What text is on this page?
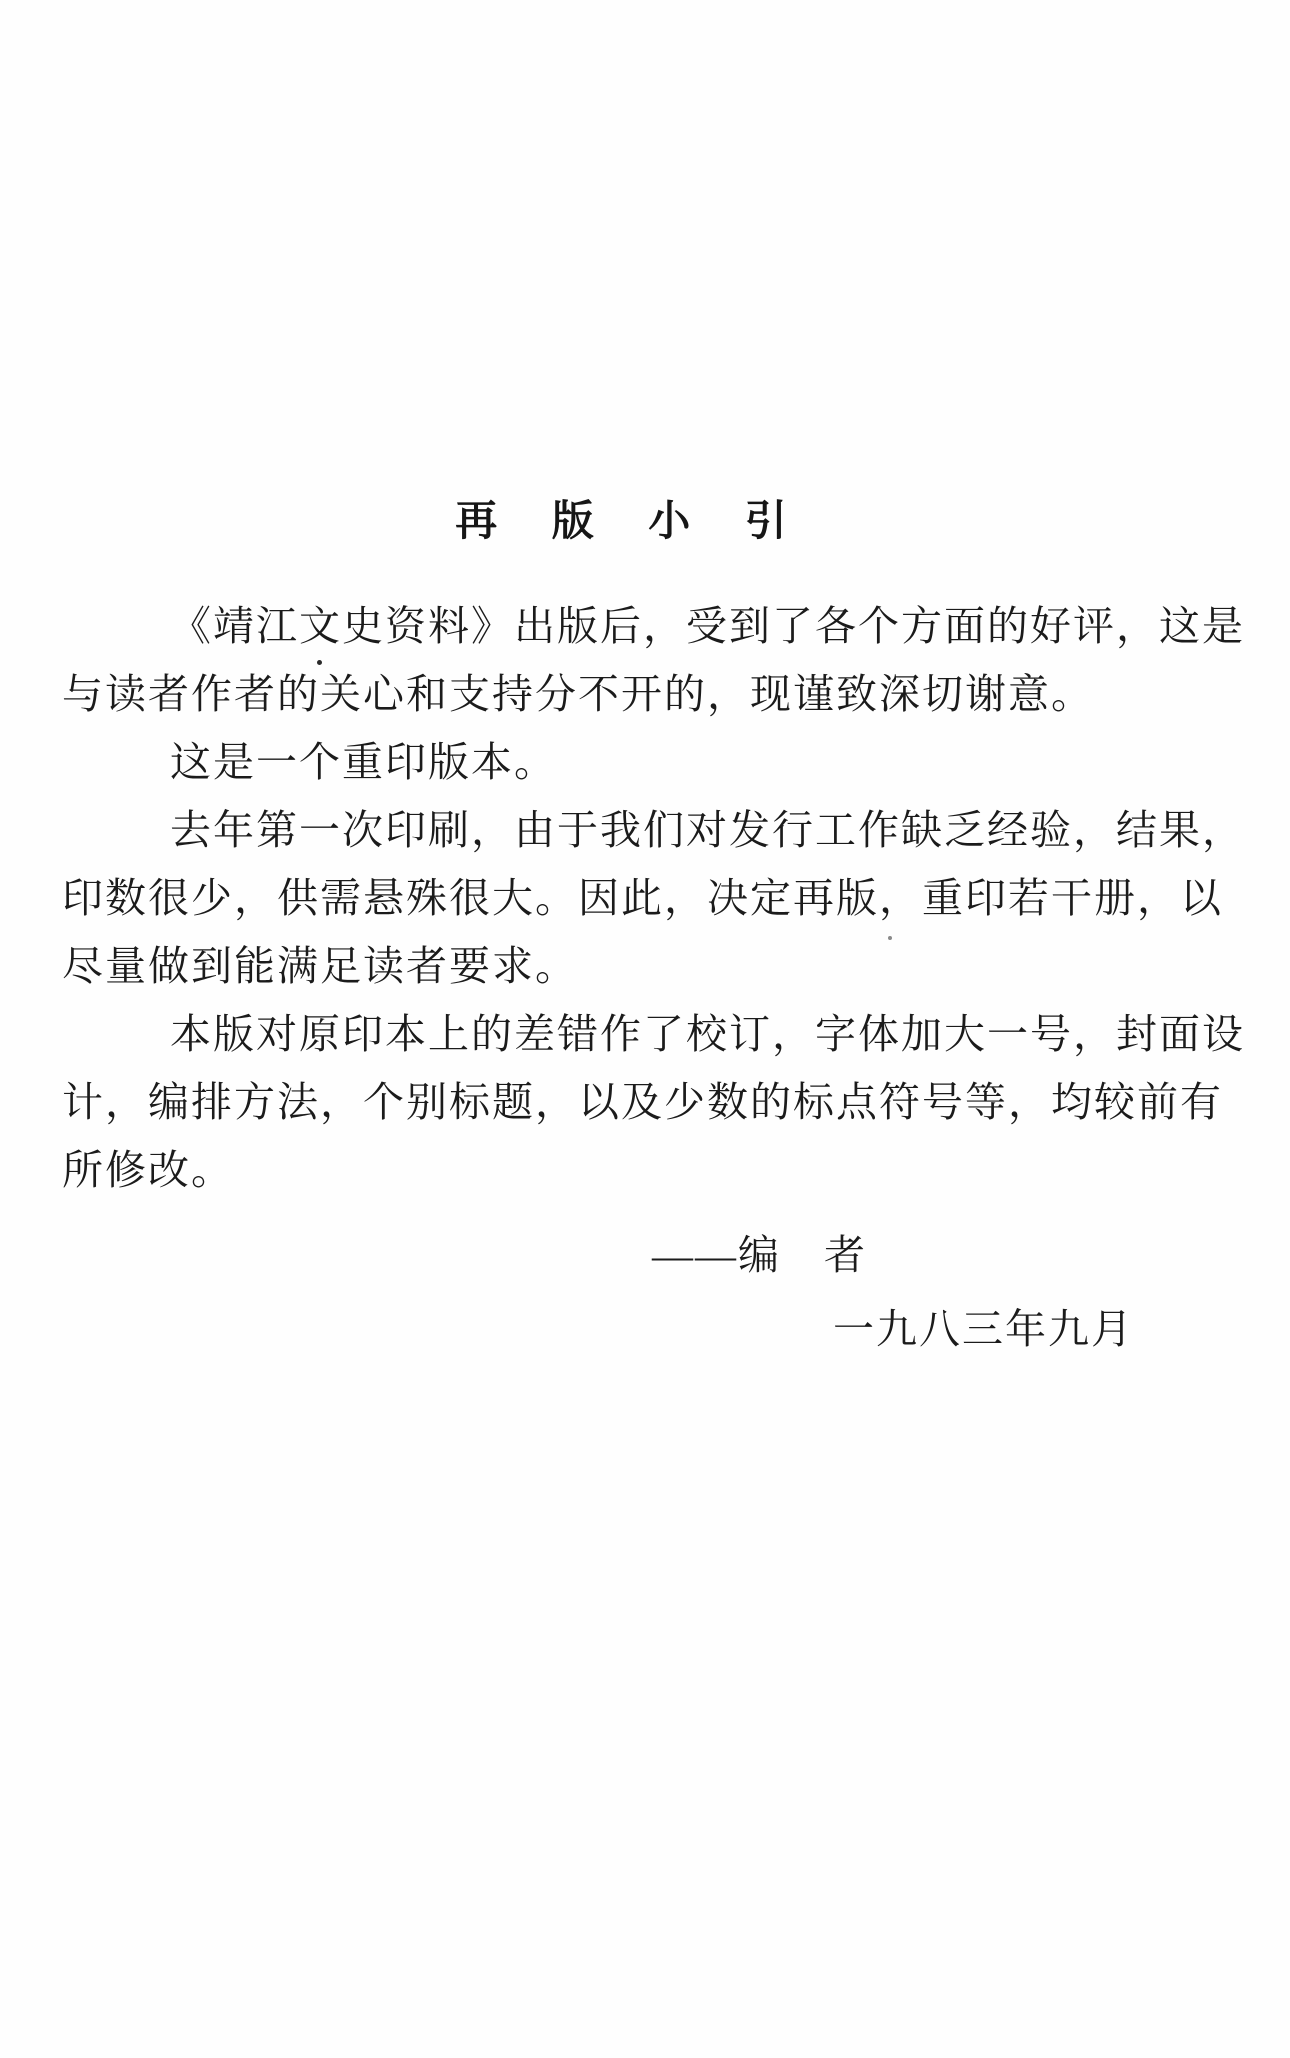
再 版 小 引
《靖江文史资料》出版后，受到了各个方面的好评，这是
与读者作者的关心和支持分不开的，现谨致深切谢意。
这是一个重印版本。
去年第一次印刷，由于我们对发行工作缺乏经验，结果，
印数很少，供需悬殊很大。因此，决定再版，重印若干册，以
尽量做到能满足读者要求。
本版对原印本上的差错作了校订，字体加大一号，封面设
计，编排方法，个别标题，以及少数的标点符号等，均较前有
所修改。
——编　者
一九八三年九月
